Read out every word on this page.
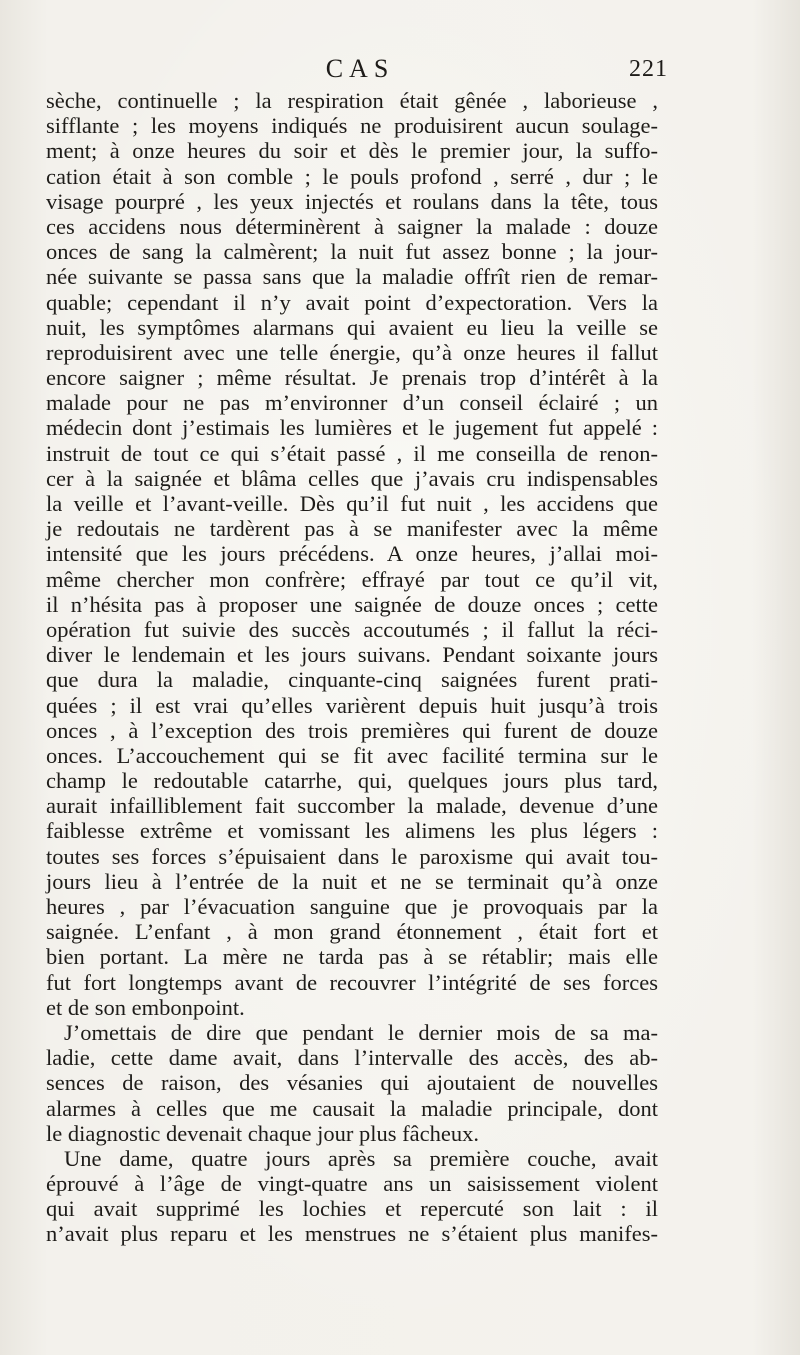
CAS	221
sèche, continuelle ; la respiration était gênée , laborieuse ,
sifflante ; les moyens indiqués ne produisirent aucun soulage-
ment; à onze heures du soir et dès le premier jour, la suffo-
cation était à son comble ; le pouls profond , serré , dur ; le
visage pourpré , les yeux injectés et roulans dans la tête, tous
ces accidens nous déterminèrent à saigner la malade : douze
onces de sang la calmèrent; la nuit fut assez bonne ; la jour-
née suivante se passa sans que la maladie offrît rien de remar-
quable; cependant il n’y avait point d’expectoration. Vers la
nuit, les symptômes alarmans qui avaient eu lieu la veille se
reproduisirent avec une telle énergie, qu’à onze heures il fallut
encore saigner ; même résultat. Je prenais trop d’intérêt à la
malade pour ne pas m’environner d’un conseil éclairé ; un
médecin dont j’estimais les lumières et le jugement fut appelé :
instruit de tout ce qui s’était passé , il me conseilla de renon-
cer à la saignée et blâma celles que j’avais cru indispensables
la veille et l’avant-veille. Dès qu’il fut nuit , les accidens que
je redoutais ne tardèrent pas à se manifester avec la même
intensité que les jours précédens. A onze heures, j’allai moi-
même chercher mon confrère; effrayé par tout ce qu’il vit,
il n’hésita pas à proposer une saignée de douze onces ; cette
opération fut suivie des succès accoutumés ; il fallut la réci-
diver le lendemain et les jours suivans. Pendant soixante jours
que dura la maladie, cinquante-cinq saignées furent prati-
quées ; il est vrai qu’elles varièrent depuis huit jusqu’à trois
onces , à l’exception des trois premières qui furent de douze
onces. L’accouchement qui se fit avec facilité termina sur le
champ le redoutable catarrhe, qui, quelques jours plus tard,
aurait infailliblement fait succomber la malade, devenue d’une
faiblesse extrême et vomissant les alimens les plus légers :
toutes ses forces s’épuisaient dans le paroxisme qui avait tou-
jours lieu à l’entrée de la nuit et ne se terminait qu’à onze
heures , par l’évacuation sanguine que je provoquais par la
saignée. L’enfant , à mon grand étonnement , était fort et
bien portant. La mère ne tarda pas à se rétablir; mais elle
fut fort longtemps avant de recouvrer l’intégrité de ses forces
et de son embonpoint.
J’omettais de dire que pendant le dernier mois de sa ma-
ladie, cette dame avait, dans l’intervalle des accès, des ab-
sences de raison, des vésanies qui ajoutaient de nouvelles
alarmes à celles que me causait la maladie principale, dont
le diagnostic devenait chaque jour plus fâcheux.
Une dame, quatre jours après sa première couche, avait
éprouvé à l’âge de vingt-quatre ans un saisissement violent
qui avait supprimé les lochies et repercuté son lait : il
n’avait plus reparu et les menstrues ne s’étaient plus manifes-
